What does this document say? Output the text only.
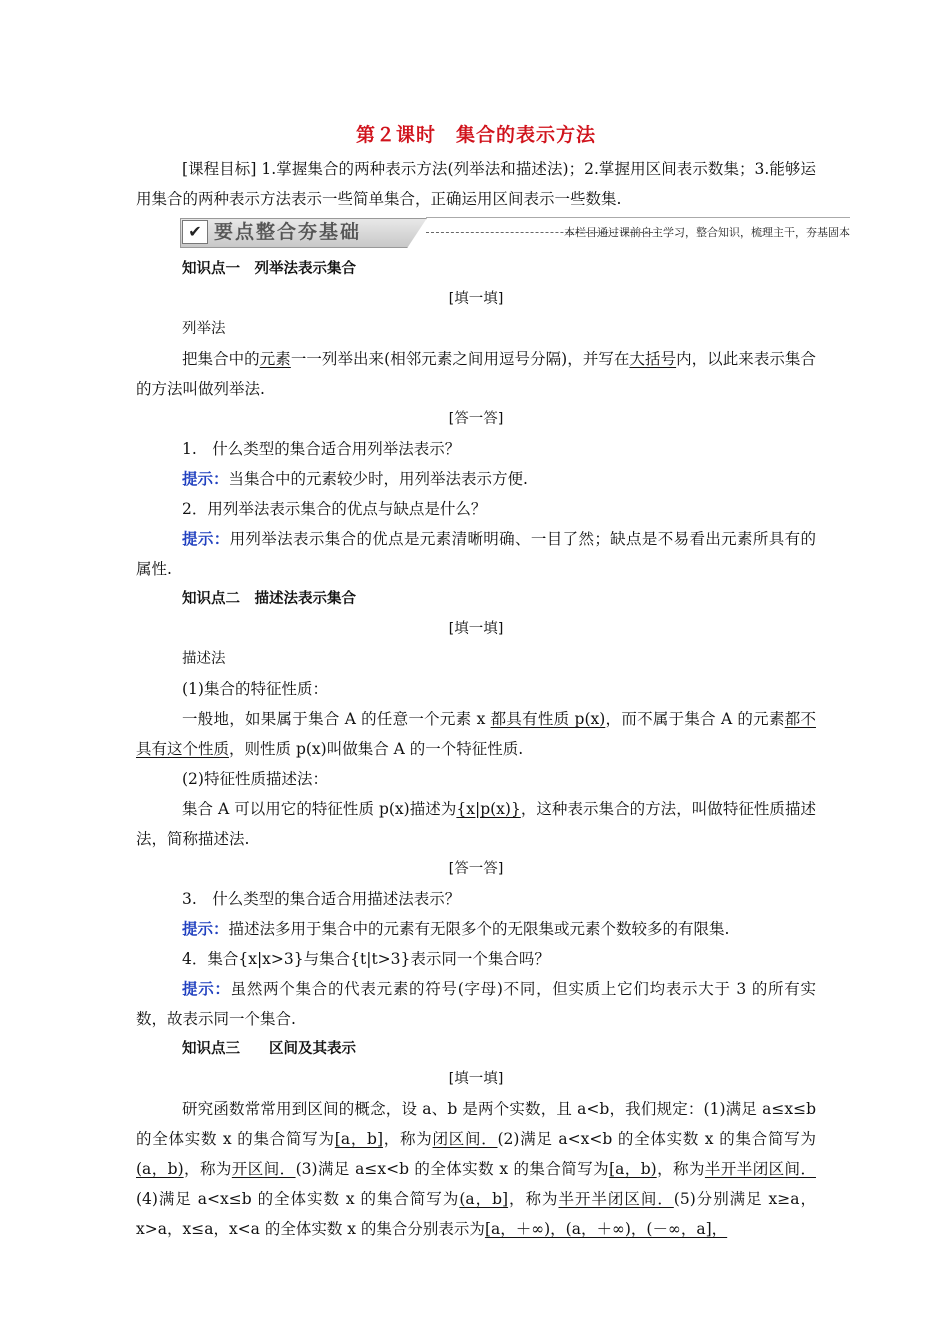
第２课时　集合的表示方法

[课程目标] 1.掌握集合的两种表示方法(列举法和描述法)；2.掌握用区间表示数集；3.能够运用集合的两种表示方法表示一些简单集合，正确运用区间表示一些数集.

✔ 要点整合夯基础	本栏目通过课前自主学习，整合知识，梳理主干，夯基固本

知识点一　列举法表示集合

[填一填]

列举法

把集合中的元素一一列举出来(相邻元素之间用逗号分隔)，并写在大括号内，以此来表示集合的方法叫做列举法.

[答一答]

1.　什么类型的集合适合用列举法表示？

提示：当集合中的元素较少时，用列举法表示方便.

2．用列举法表示集合的优点与缺点是什么？

提示：用列举法表示集合的优点是元素清晰明确、一目了然；缺点是不易看出元素所具有的属性.

知识点二　描述法表示集合

[填一填]

描述法

(1)集合的特征性质：

一般地，如果属于集合 A 的任意一个元素 x 都具有性质 p(x)，而不属于集合 A 的元素都不具有这个性质，则性质 p(x)叫做集合 A 的一个特征性质.

(2)特征性质描述法：

集合 A 可以用它的特征性质 p(x)描述为{x|p(x)}，这种表示集合的方法，叫做特征性质描述法，简称描述法.

[答一答]

3.　什么类型的集合适合用描述法表示？

提示：描述法多用于集合中的元素有无限多个的无限集或元素个数较多的有限集.

4．集合{x|x>3}与集合{t|t>3}表示同一个集合吗？

提示：虽然两个集合的代表元素的符号(字母)不同，但实质上它们均表示大于 3 的所有实数，故表示同一个集合.

知识点三　　区间及其表示

[填一填]

研究函数常常用到区间的概念，设 a、b 是两个实数，且 a<b，我们规定：(1)满足 a≤x≤b 的全体实数 x 的集合简写为[a，b]，称为闭区间．(2)满足 a<x<b 的全体实数 x 的集合简写为(a，b)，称为开区间．(3)满足 a≤x<b 的全体实数 x 的集合简写为[a，b)，称为半开半闭区间．(4)满足 a<x≤b 的全体实数 x 的集合简写为(a，b]，称为半开半闭区间．(5)分别满足 x≥a，x>a，x≤a，x<a 的全体实数 x 的集合分别表示为[a，＋∞)，(a，＋∞)，(－∞，a]，
